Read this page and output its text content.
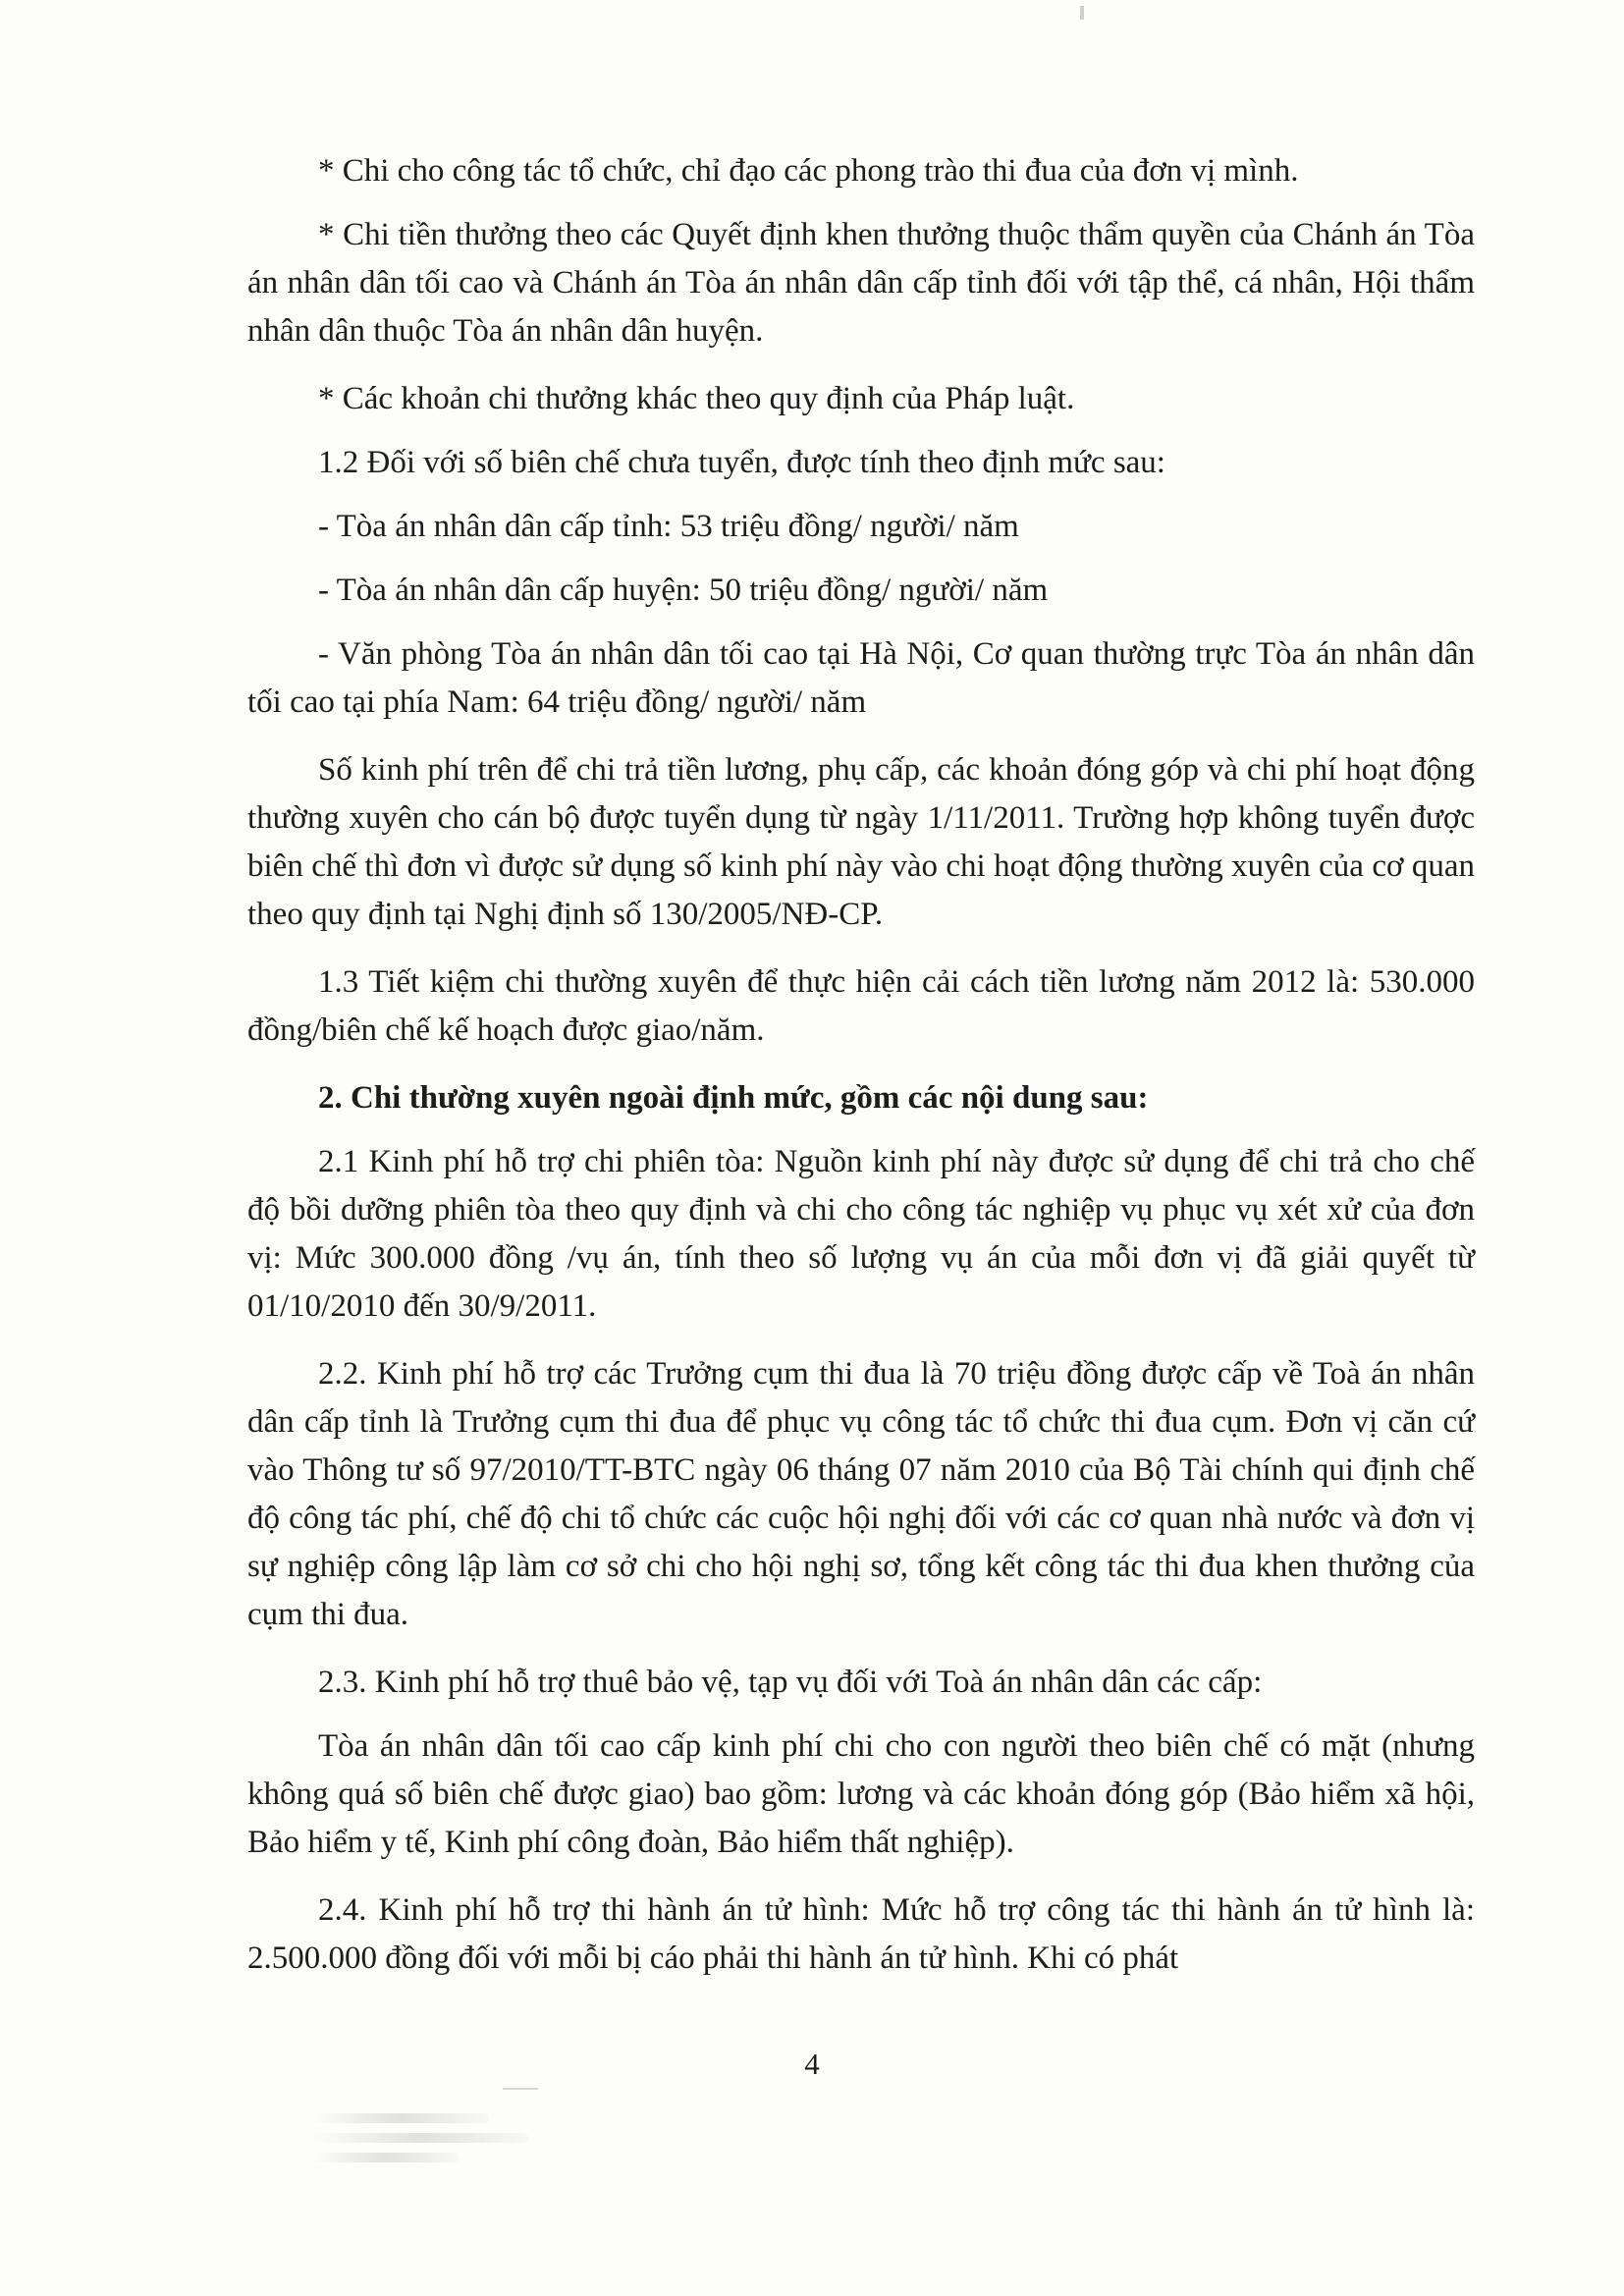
* Chi cho công tác tổ chức, chỉ đạo các phong trào thi đua của đơn vị mình.

* Chi tiền thưởng theo các Quyết định khen thưởng thuộc thẩm quyền của Chánh án Tòa án nhân dân tối cao và Chánh án Tòa án nhân dân cấp tỉnh đối với tập thể, cá nhân, Hội thẩm nhân dân thuộc Tòa án nhân dân huyện.

* Các khoản chi thưởng khác theo quy định của Pháp luật.

1.2 Đối với số biên chế chưa tuyển, được tính theo định mức sau:

- Tòa án nhân dân cấp tỉnh: 53 triệu đồng/ người/ năm

- Tòa án nhân dân cấp huyện: 50 triệu đồng/ người/ năm

- Văn phòng Tòa án nhân dân tối cao tại Hà Nội, Cơ quan thường trực Tòa án nhân dân tối cao tại phía Nam: 64 triệu đồng/ người/ năm

Số kinh phí trên để chi trả tiền lương, phụ cấp, các khoản đóng góp và chi phí hoạt động thường xuyên cho cán bộ được tuyển dụng từ ngày 1/11/2011. Trường hợp không tuyển được biên chế thì đơn vì được sử dụng số kinh phí này vào chi hoạt động thường xuyên của cơ quan theo quy định tại Nghị định số 130/2005/NĐ-CP.

1.3 Tiết kiệm chi thường xuyên để thực hiện cải cách tiền lương năm 2012 là: 530.000 đồng/biên chế kế hoạch được giao/năm.

2. Chi thường xuyên ngoài định mức, gồm các nội dung sau:

2.1 Kinh phí hỗ trợ chi phiên tòa: Nguồn kinh phí này được sử dụng để chi trả cho chế độ bồi dưỡng phiên tòa theo quy định và chi cho công tác nghiệp vụ phục vụ xét xử của đơn vị: Mức 300.000 đồng /vụ án, tính theo số lượng vụ án của mỗi đơn vị đã giải quyết từ 01/10/2010 đến 30/9/2011.

2.2. Kinh phí hỗ trợ các Trưởng cụm thi đua là 70 triệu đồng được cấp về Toà án nhân dân cấp tỉnh là Trưởng cụm thi đua để phục vụ công tác tổ chức thi đua cụm. Đơn vị căn cứ vào Thông tư số 97/2010/TT-BTC ngày 06 tháng 07 năm 2010 của Bộ Tài chính qui định chế độ công tác phí, chế độ chi tổ chức các cuộc hội nghị đối với các cơ quan nhà nước và đơn vị sự nghiệp công lập làm cơ sở chi cho hội nghị sơ, tổng kết công tác thi đua khen thưởng của cụm thi đua.

2.3. Kinh phí hỗ trợ thuê bảo vệ, tạp vụ đối với Toà án nhân dân các cấp:

Tòa án nhân dân tối cao cấp kinh phí chi cho con người theo biên chế có mặt (nhưng không quá số biên chế được giao) bao gồm: lương và các khoản đóng góp (Bảo hiểm xã hội, Bảo hiểm y tế, Kinh phí công đoàn, Bảo hiểm thất nghiệp).

2.4. Kinh phí hỗ trợ thi hành án tử hình: Mức hỗ trợ công tác thi hành án tử hình là: 2.500.000 đồng đối với mỗi bị cáo phải thi hành án tử hình. Khi có phát

4
